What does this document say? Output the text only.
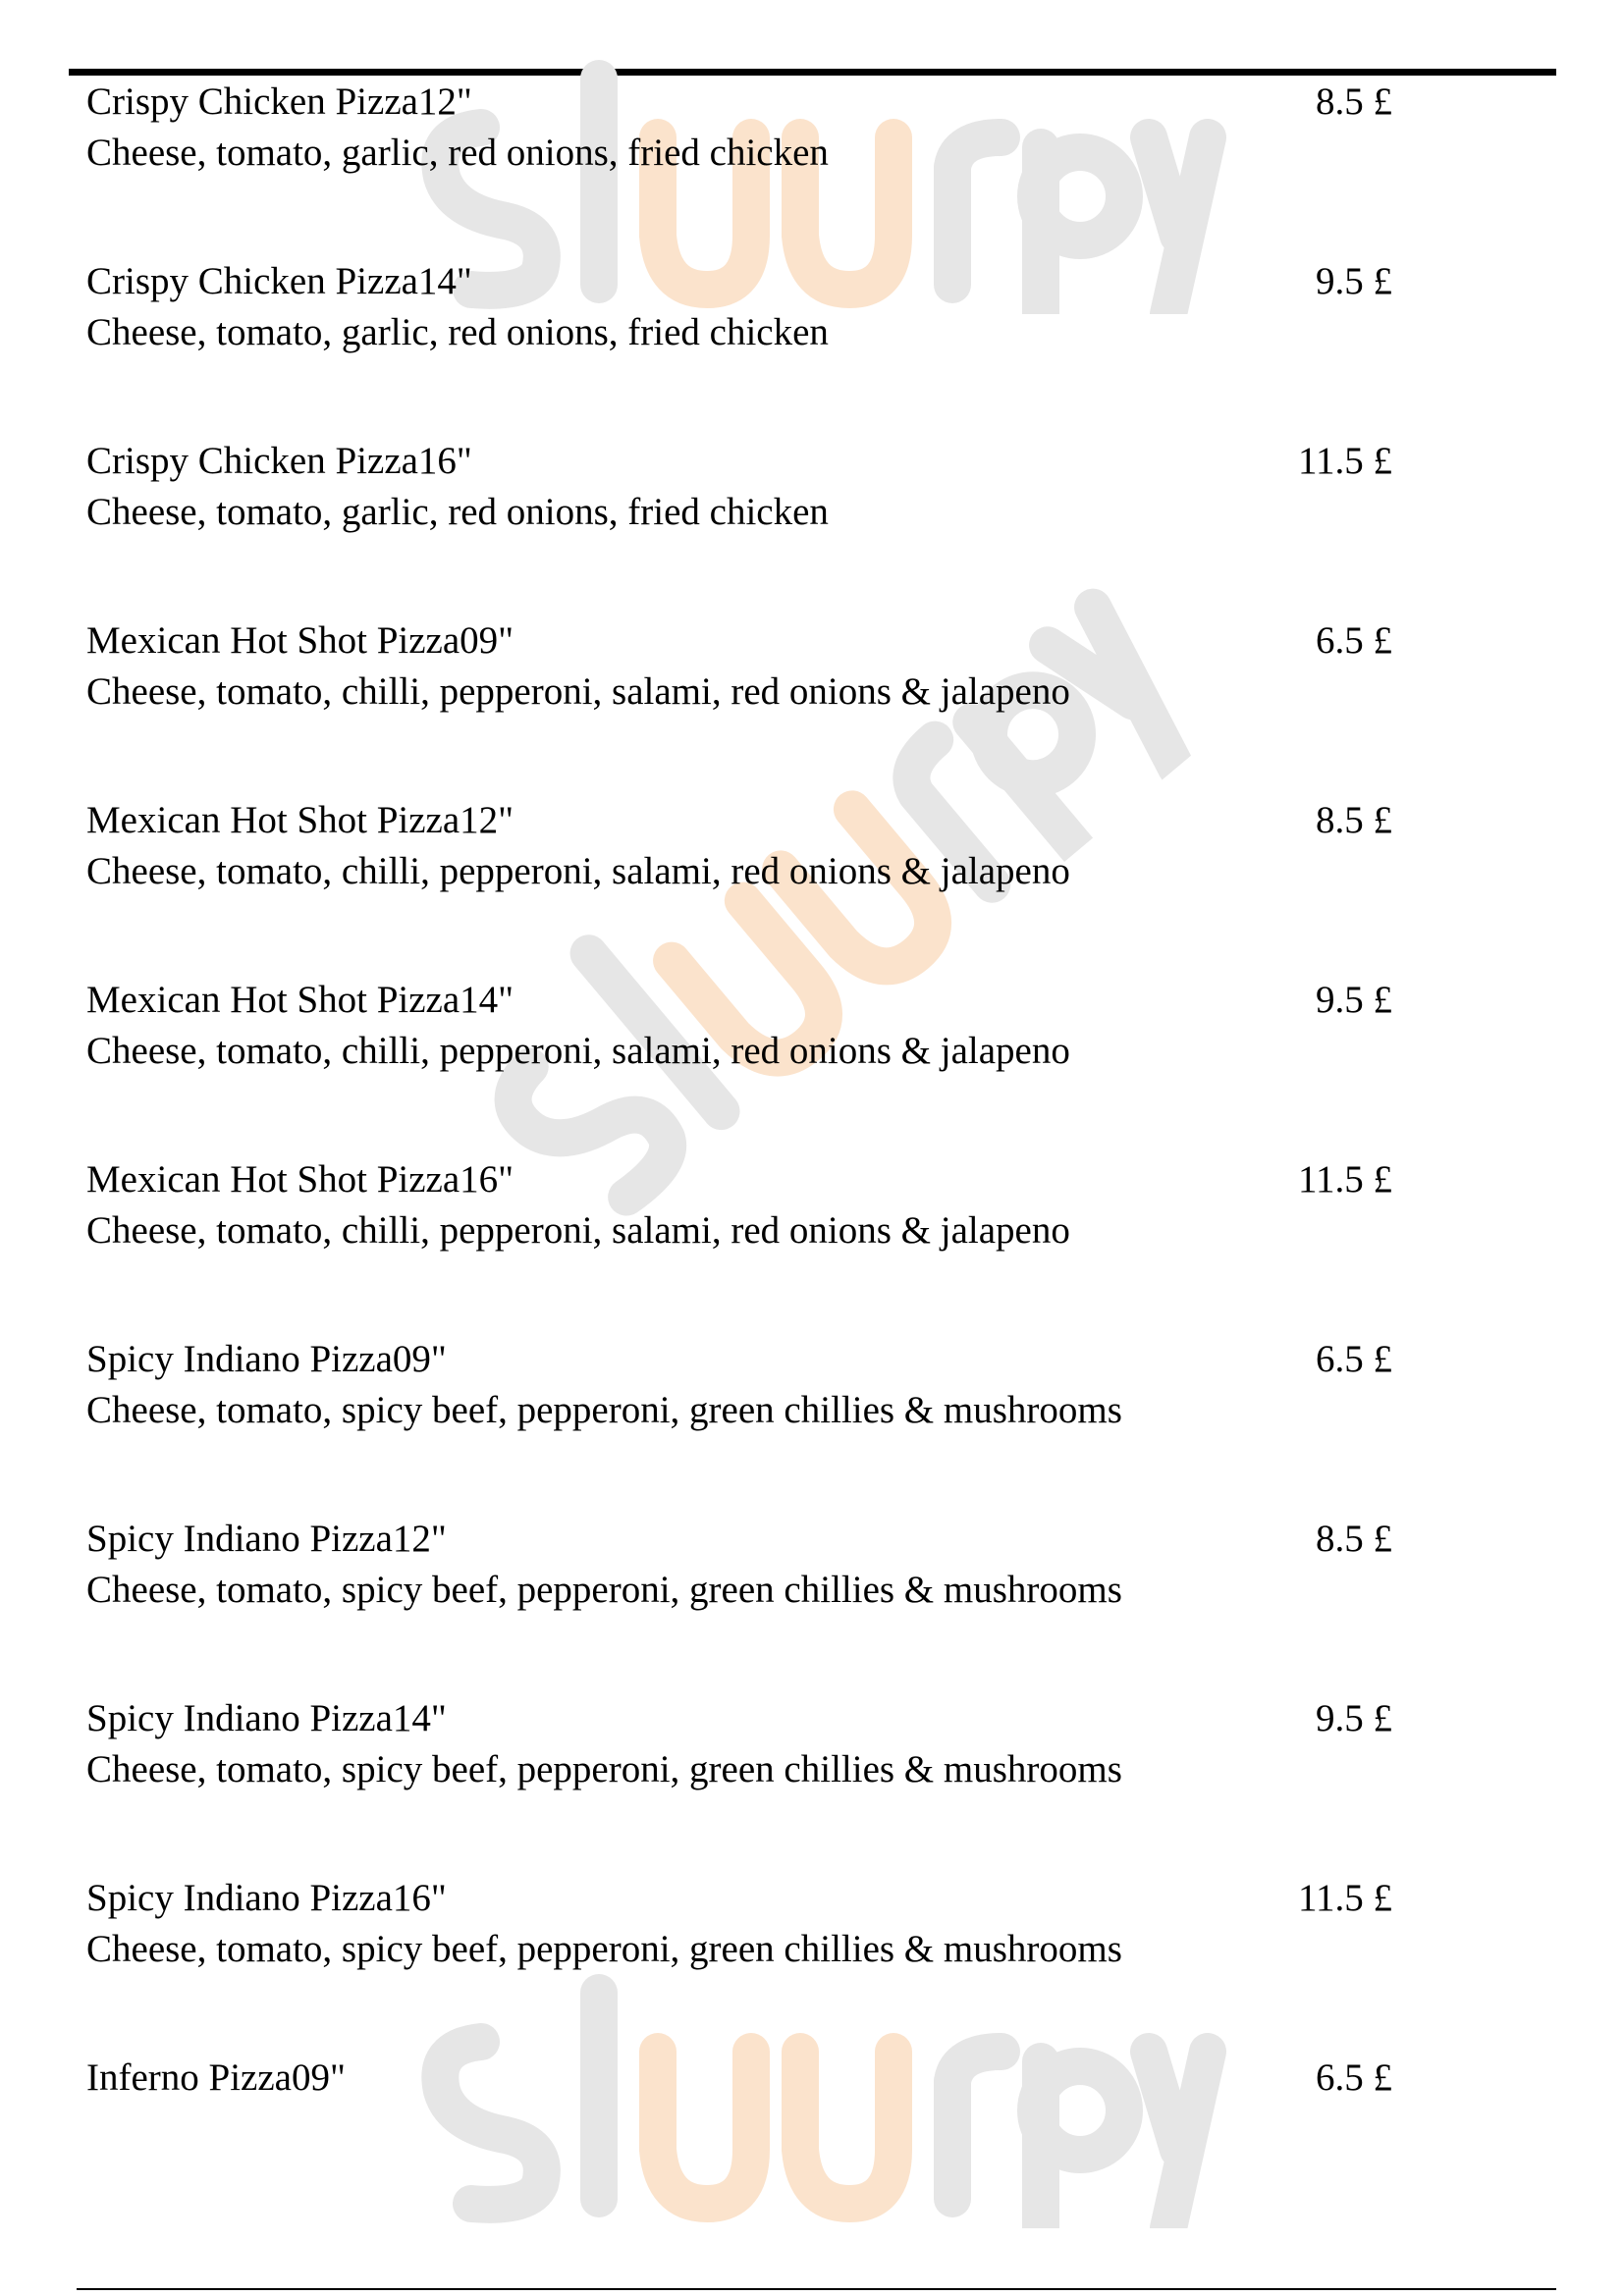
Crispy Chicken Pizza12"
Cheese, tomato, garlic, red onions, fried chicken
8.5 £
Crispy Chicken Pizza14"
Cheese, tomato, garlic, red onions, fried chicken
9.5 £
Crispy Chicken Pizza16"
Cheese, tomato, garlic, red onions, fried chicken
11.5 £
Mexican Hot Shot Pizza09"
Cheese, tomato, chilli, pepperoni, salami, red onions & jalapeno
6.5 £
Mexican Hot Shot Pizza12"
Cheese, tomato, chilli, pepperoni, salami, red onions & jalapeno
8.5 £
Mexican Hot Shot Pizza14"
Cheese, tomato, chilli, pepperoni, salami, red onions & jalapeno
9.5 £
Mexican Hot Shot Pizza16"
Cheese, tomato, chilli, pepperoni, salami, red onions & jalapeno
11.5 £
Spicy Indiano Pizza09"
Cheese, tomato, spicy beef, pepperoni, green chillies & mushrooms
6.5 £
Spicy Indiano Pizza12"
Cheese, tomato, spicy beef, pepperoni, green chillies & mushrooms
8.5 £
Spicy Indiano Pizza14"
Cheese, tomato, spicy beef, pepperoni, green chillies & mushrooms
9.5 £
Spicy Indiano Pizza16"
Cheese, tomato, spicy beef, pepperoni, green chillies & mushrooms
11.5 £
Inferno Pizza09"	6.5 £
